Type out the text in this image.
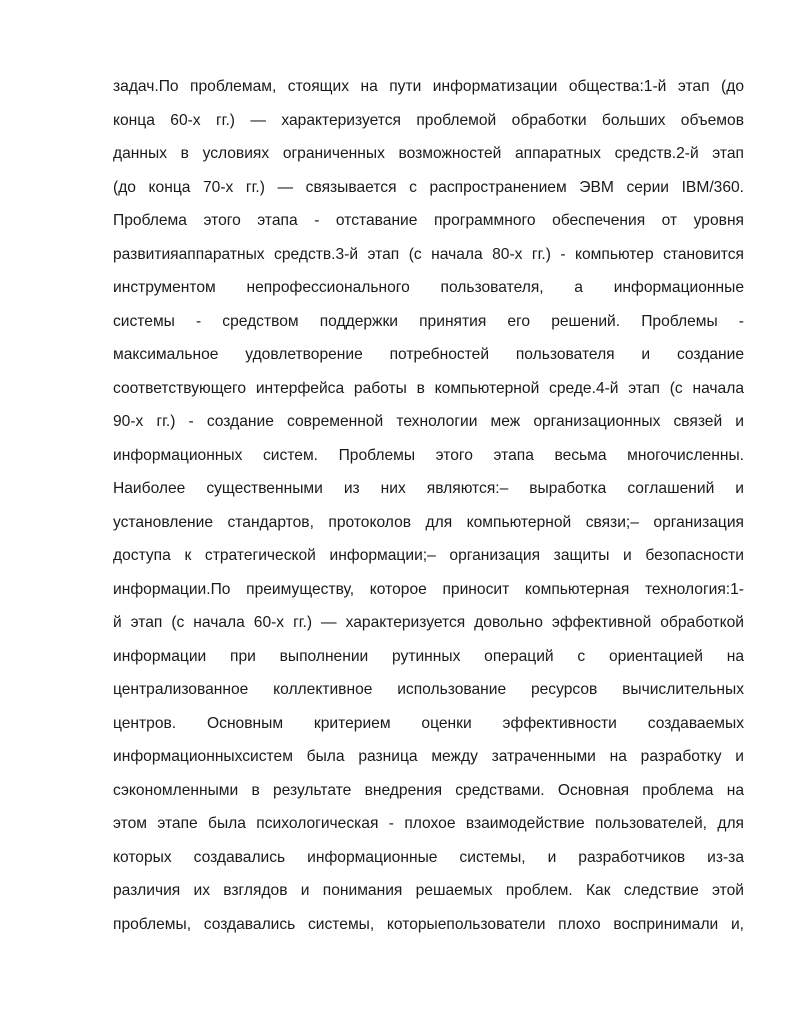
задач.По проблемам, стоящих на пути информатизации общества:1-й этап (до
конца 60-х гг.) — характеризуется проблемой обработки больших объемов
данных в условиях ограниченных возможностей аппаратных средств.2-й этап
(до конца 70-х гг.) — связывается с распространением ЭВМ серии IBM/360.
Проблема этого этапа - отставание программного обеспечения от уровня
развитияаппаратных средств.3-й этап (с начала 80-х гг.) - компьютер становится
инструментом непрофессионального пользователя, а информационные
системы - средством поддержки принятия его решений. Проблемы -
максимальное удовлетворение потребностей пользователя и создание
соответствующего интерфейса работы в компьютерной среде.4-й этап (с начала
90-х гг.) - создание современной технологии меж организационных связей и
информационных систем. Проблемы этого этапа весьма многочисленны.
Наиболее существенными из них являются:– выработка соглашений и
установление стандартов, протоколов для компьютерной связи;– организация
доступа к стратегической информации;– организация защиты и безопасности
информации.По преимуществу, которое приносит компьютерная технология:1-
й этап (с начала 60-х гг.) — характеризуется довольно эффективной обработкой
информации при выполнении рутинных операций с ориентацией на
централизованное коллективное использование ресурсов вычислительных
центров. Основным критерием оценки эффективности создаваемых
информационныхсистем была разница между затраченными на разработку и
сэкономленными в результате внедрения средствами. Основная проблема на
этом этапе была психологическая - плохое взаимодействие пользователей, для
которых создавались информационные системы, и разработчиков из-за
различия их взглядов и понимания решаемых проблем. Как следствие этой
проблемы, создавались системы, которыепользователи плохо воспринимали и,
